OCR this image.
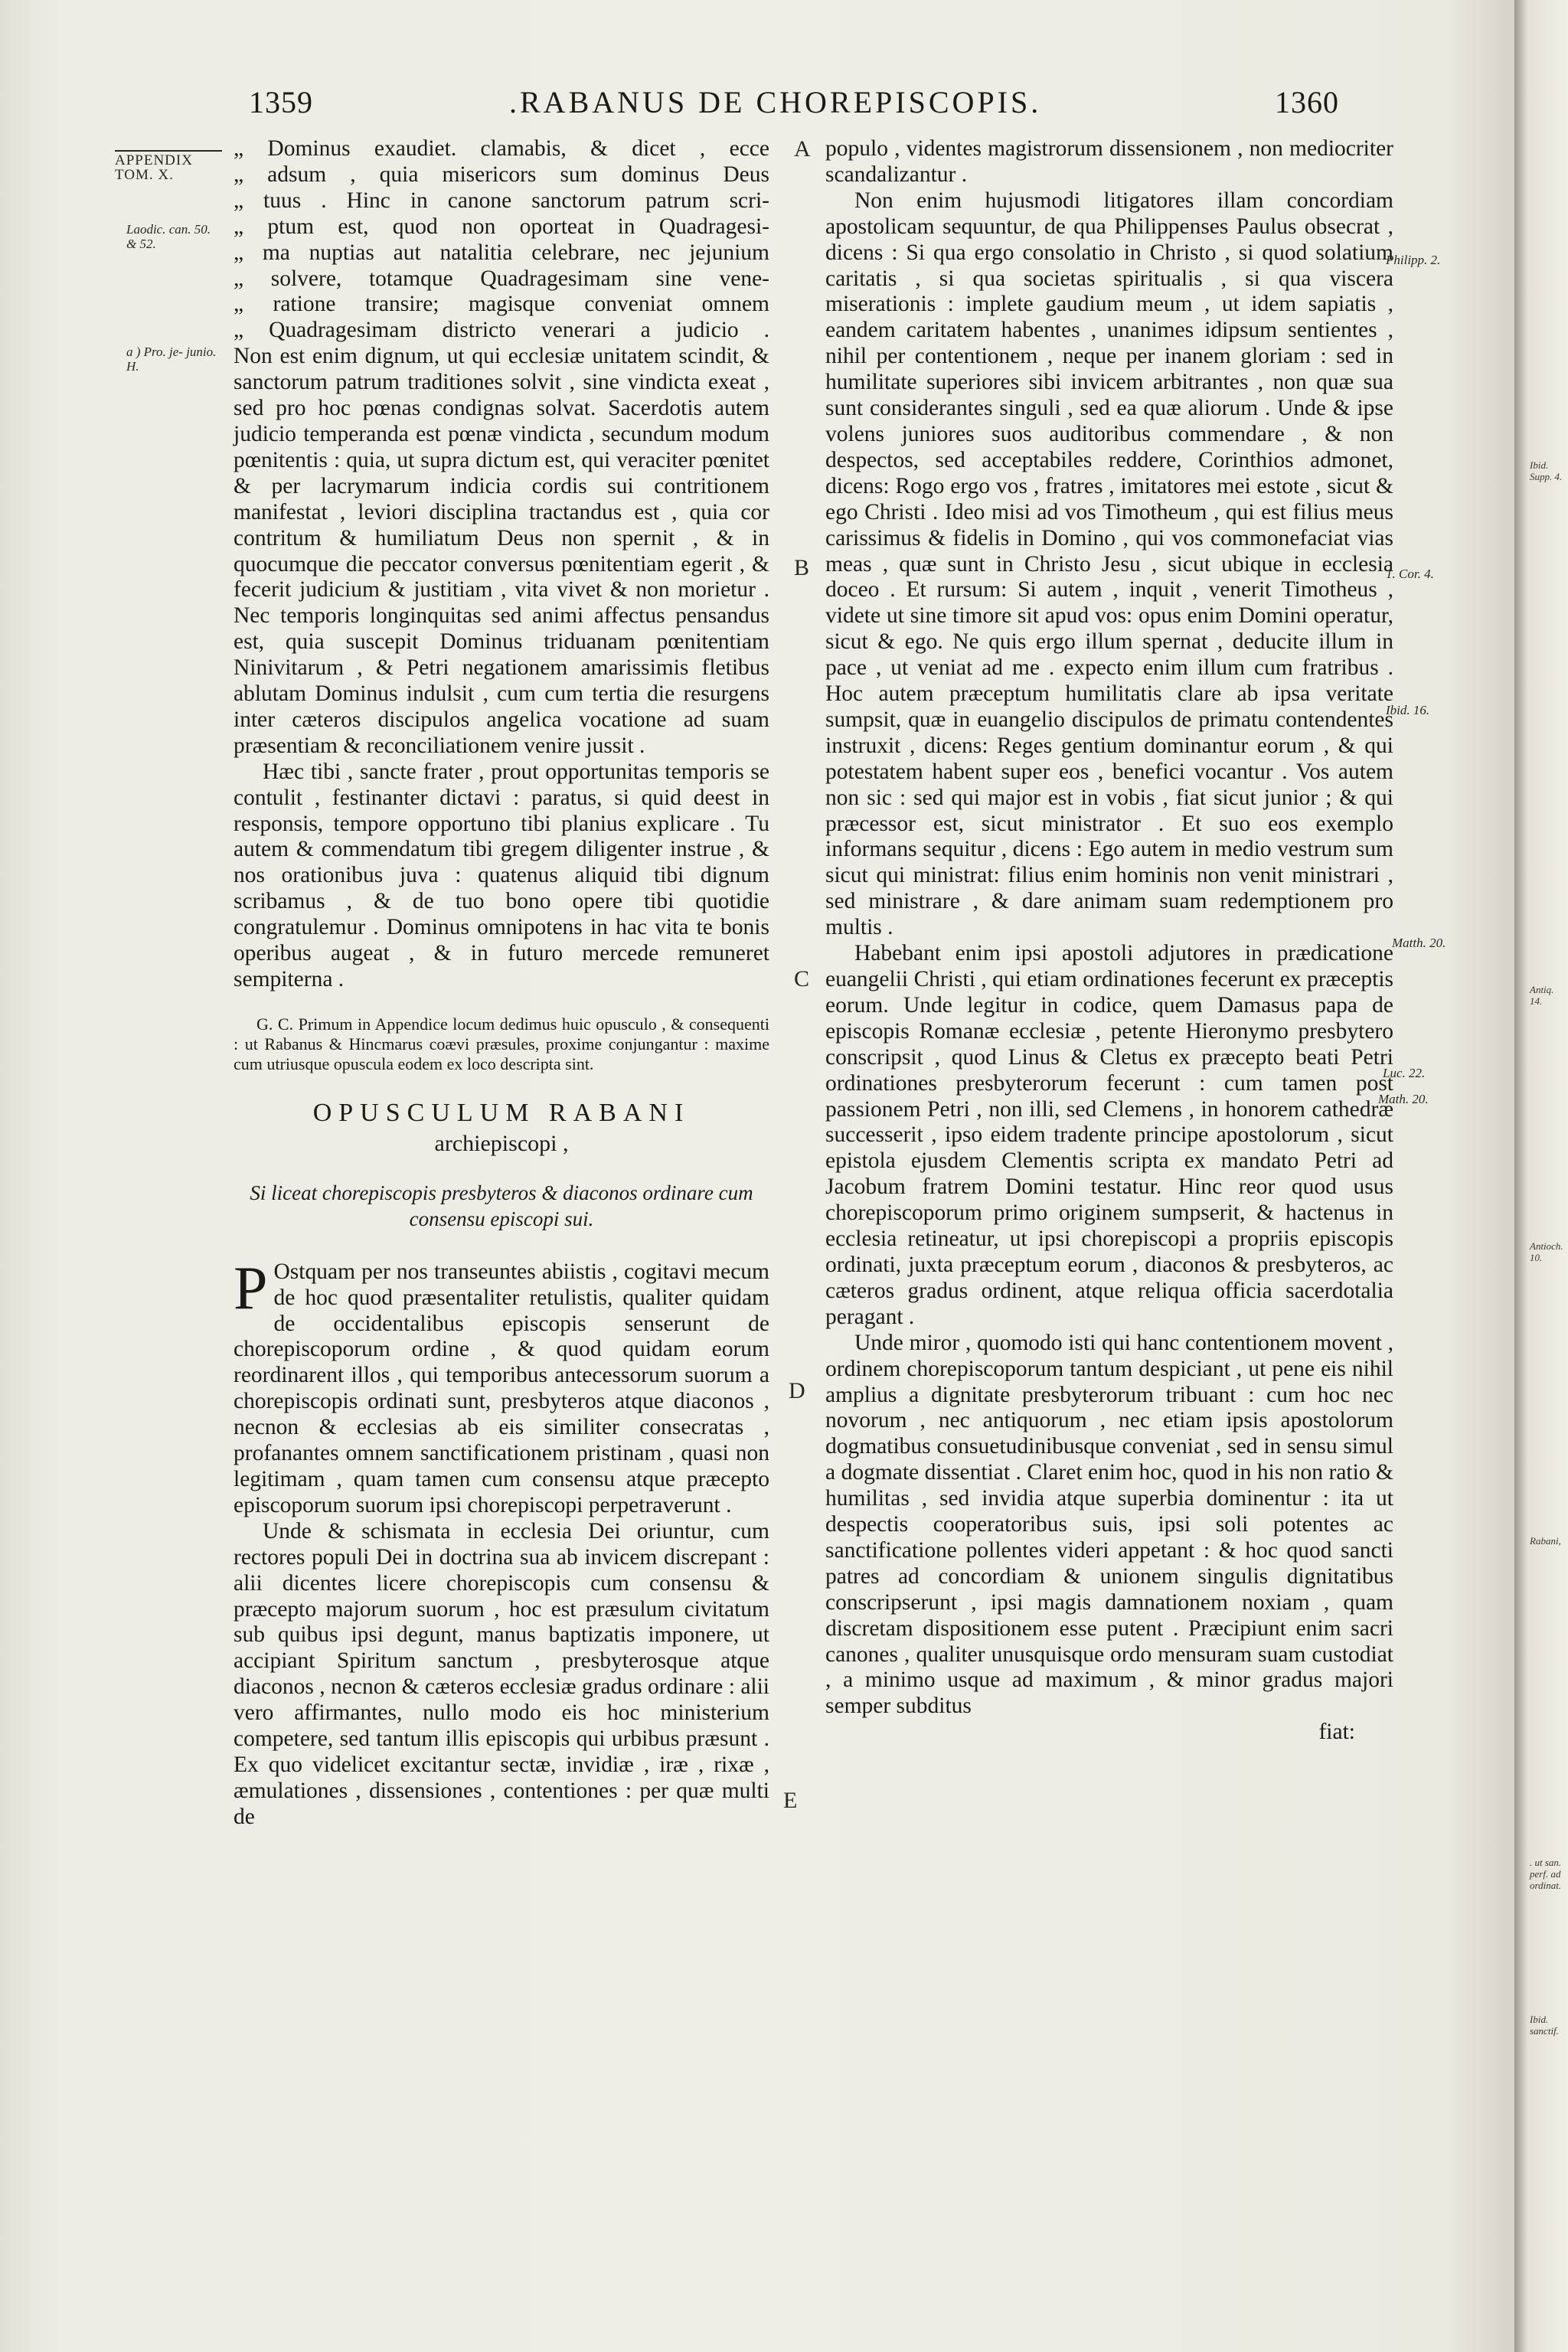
Ibid. Supp. 4.
Antiq. 14.
Antioch. 10.
Rabani,
. ut san. perf. ad ordinat.
Ibid. sanctif.
1359	.RABANUS DE CHOREPISCOPIS.	1360
APPENDIX
TOM. X.
Laodic. can. 50. & 52.
a ) Pro. je- junio. H.
A
B
C
D
E
Philipp. 2.
1. Cor. 4.
Ibid. 16.
Matth. 20.
Luc. 22.
Math. 20.
„ Dominus exaudiet. clamabis, & dicet , ecce
„ adsum , quia misericors sum dominus Deus
„ tuus . Hinc in canone sanctorum patrum scri-
„ ptum est, quod non oporteat in Quadragesi-
„ ma nuptias aut natalitia celebrare, nec jejunium
„ solvere, totamque Quadragesimam sine vene-
„ ratione transire; magisque conveniat omnem
„ Quadragesimam districto venerari a judicio .

Non est enim dignum, ut qui ecclesiæ unitatem scindit, & sanctorum patrum traditiones solvit , sine vindicta exeat , sed pro hoc pœnas condignas solvat. Sacerdotis autem judicio temperanda est pœnæ vindicta , secundum modum pœnitentis : quia, ut supra dictum est, qui veraciter pœnitet & per lacrymarum indicia cordis sui contritionem manifestat , leviori disciplina tractandus est , quia cor contritum & humiliatum Deus non spernit , & in quocumque die peccator conversus pœnitentiam egerit , & fecerit judicium & justitiam , vita vivet & non morietur . Nec temporis longinquitas sed animi affectus pensandus est, quia suscepit Dominus triduanam pœnitentiam Ninivitarum , & Petri negationem amarissimis fletibus ablutam Dominus indulsit , cum cum tertia die resurgens inter cæteros discipulos angelica vocatione ad suam præsentiam & reconciliationem venire jussit .

Hæc tibi , sancte frater , prout opportunitas temporis se contulit , festinanter dictavi : paratus, si quid deest in responsis, tempore opportuno tibi planius explicare . Tu autem & commendatum tibi gregem diligenter instrue , & nos orationibus juva : quatenus aliquid tibi dignum scribamus , & de tuo bono opere tibi quotidie congratulemur . Dominus omnipotens in hac vita te bonis operibus augeat , & in futuro mercede remuneret sempiterna .

G. C. Primum in Appendice locum dedimus huic opusculo , & consequenti : ut Rabanus & Hincmarus coævi præsules, proxime conjungantur : maxime cum utriusque opuscula eodem ex loco descripta sint.
OPUSCULUM RABANI
archiepiscopi ,
Si liceat chorepiscopis presbyteros & diaconos ordinare cum consensu episcopi sui.

P Ostquam per nos transeuntes abiistis , cogitavi mecum de hoc quod præsentaliter retulistis, qualiter quidam de occidentalibus episcopis senserunt de chorepiscoporum ordine , & quod quidam eorum reordinarent illos , qui temporibus antecessorum suorum a chorepiscopis ordinati sunt, presbyteros atque diaconos , necnon & ecclesias ab eis similiter consecratas , profanantes omnem sanctificationem pristinam , quasi non legitimam , quam tamen cum consensu atque præcepto episcoporum suorum ipsi chorepiscopi perpetraverunt .

Unde & schismata in ecclesia Dei oriuntur, cum rectores populi Dei in doctrina sua ab invicem discrepant : alii dicentes licere chorepiscopis cum consensu & præcepto majorum suorum , hoc est præsulum civitatum sub quibus ipsi degunt, manus baptizatis imponere, ut accipiant Spiritum sanctum , presbyterosque atque diaconos , necnon & cæteros ecclesiæ gradus ordinare : alii vero affirmantes, nullo modo eis hoc ministerium competere, sed tantum illis episcopis qui urbibus præsunt . Ex quo videlicet excitantur sectæ, invidiæ , iræ , rixæ , æmulationes , dissensiones , contentiones : per quæ multi de

populo , videntes magistrorum dissensionem , non mediocriter scandalizantur .

Non enim hujusmodi litigatores illam concordiam apostolicam sequuntur, de qua Philippenses Paulus obsecrat , dicens : Si qua ergo consolatio in Christo , si quod solatium caritatis , si qua societas spiritualis , si qua viscera miserationis : implete gaudium meum , ut idem sapiatis , eandem caritatem habentes , unanimes idipsum sentientes , nihil per contentionem , neque per inanem gloriam : sed in humilitate superiores sibi invicem arbitrantes , non quæ sua sunt considerantes singuli , sed ea quæ aliorum . Unde & ipse volens juniores suos auditoribus commendare , & non despectos, sed acceptabiles reddere, Corinthios admonet, dicens: Rogo ergo vos , fratres , imitatores mei estote , sicut & ego Christi . Ideo misi ad vos Timotheum , qui est filius meus carissimus & fidelis in Domino , qui vos commonefaciat vias meas , quæ sunt in Christo Jesu , sicut ubique in ecclesia doceo . Et rursum: Si autem , inquit , venerit Timotheus , videte ut sine timore sit apud vos: opus enim Domini operatur, sicut & ego. Ne quis ergo illum spernat , deducite illum in pace , ut veniat ad me . expecto enim illum cum fratribus . Hoc autem præceptum humilitatis clare ab ipsa veritate sumpsit, quæ in euangelio discipulos de primatu contendentes instruxit , dicens: Reges gentium dominantur eorum , & qui potestatem habent super eos , benefici vocantur . Vos autem non sic : sed qui major est in vobis , fiat sicut junior ; & qui præcessor est, sicut ministrator . Et suo eos exemplo informans sequitur , dicens : Ego autem in medio vestrum sum sicut qui ministrat: filius enim hominis non venit ministrari , sed ministrare , & dare animam suam redemptionem pro multis .

Habebant enim ipsi apostoli adjutores in prædicatione euangelii Christi , qui etiam ordinationes fecerunt ex præceptis eorum. Unde legitur in codice, quem Damasus papa de episcopis Romanæ ecclesiæ , petente Hieronymo presbytero conscripsit , quod Linus & Cletus ex præcepto beati Petri ordinationes presbyterorum fecerunt : cum tamen post passionem Petri , non illi, sed Clemens , in honorem cathedræ successerit , ipso eidem tradente principe apostolorum , sicut epistola ejusdem Clementis scripta ex mandato Petri ad Jacobum fratrem Domini testatur. Hinc reor quod usus chorepiscoporum primo originem sumpserit, & hactenus in ecclesia retineatur, ut ipsi chorepiscopi a propriis episcopis ordinati, juxta præceptum eorum , diaconos & presbyteros, ac cæteros gradus ordinent, atque reliqua officia sacerdotalia peragant .

Unde miror , quomodo isti qui hanc contentionem movent , ordinem chorepiscoporum tantum despiciant , ut pene eis nihil amplius a dignitate presbyterorum tribuant : cum hoc nec novorum , nec antiquorum , nec etiam ipsis apostolorum dogmatibus consuetudinibusque conveniat , sed in sensu simul a dogmate dissentiat . Claret enim hoc, quod in his non ratio & humilitas , sed invidia atque superbia dominentur : ita ut despectis cooperatoribus suis, ipsi soli potentes ac sanctificatione pollentes videri appetant : & hoc quod sancti patres ad concordiam & unionem singulis dignitatibus conscripserunt , ipsi magis damnationem noxiam , quam discretam dispositionem esse putent . Præcipiunt enim sacri canones , qualiter unusquisque ordo mensuram suam custodiat , a minimo usque ad maximum , & minor gradus majori semper subditus

fiat:
